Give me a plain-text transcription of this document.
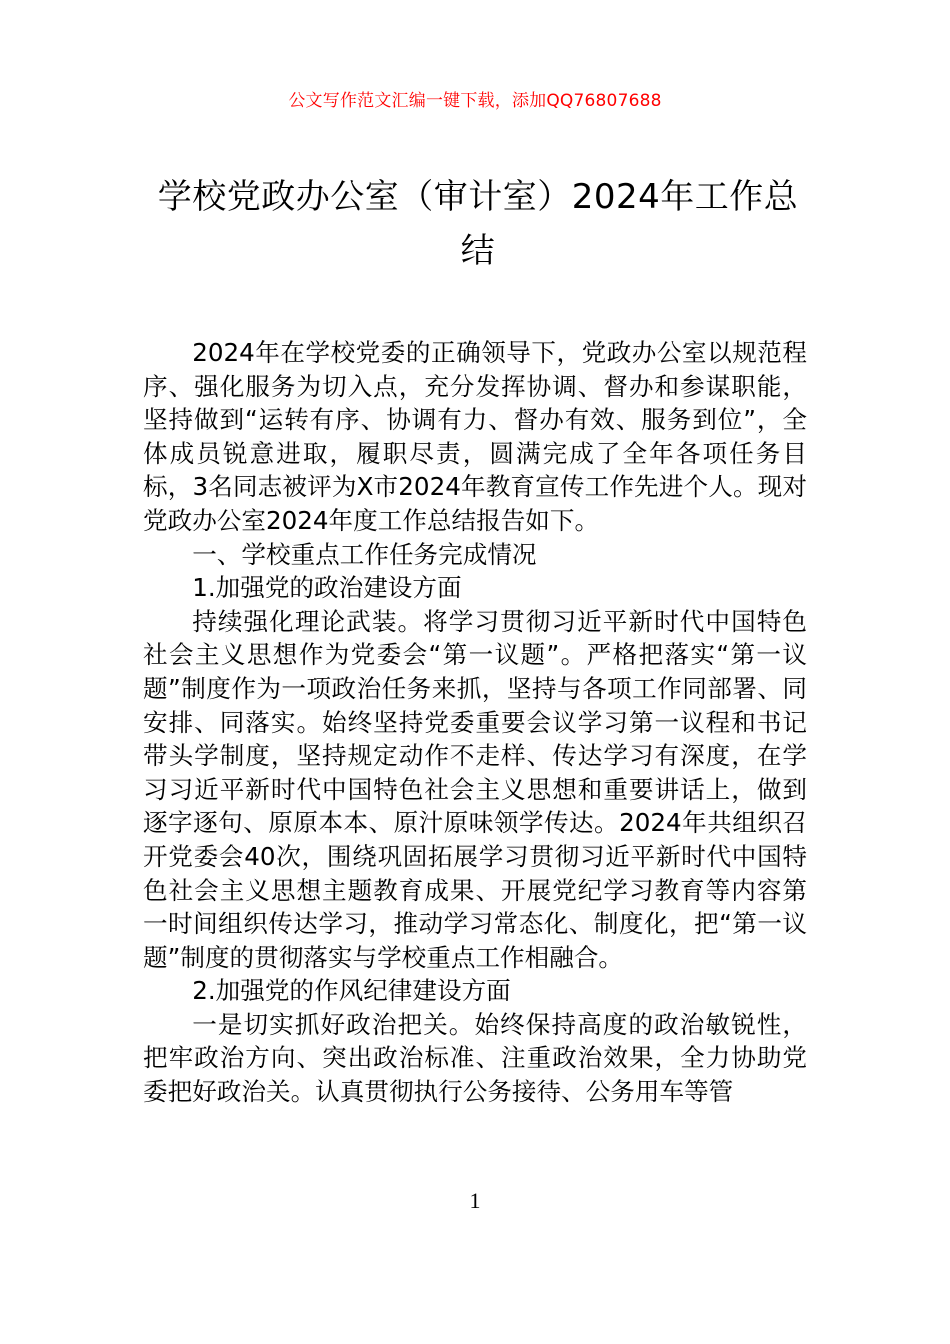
公文写作范文汇编一键下载，添加QQ76807688
学校党政办公室（审计室）2024年工作总结

2024年在学校党委的正确领导下，党政办公室以规范程序、强化服务为切入点，充分发挥协调、督办和参谋职能，坚持做到“运转有序、协调有力、督办有效、服务到位”，全体成员锐意进取，履职尽责，圆满完成了全年各项任务目标，3名同志被评为X市2024年教育宣传工作先进个人。现对党政办公室2024年度工作总结报告如下。

一、学校重点工作任务完成情况

1.加强党的政治建设方面

持续强化理论武装。将学习贯彻习近平新时代中国特色社会主义思想作为党委会“第一议题”。严格把落实“第一议题”制度作为一项政治任务来抓，坚持与各项工作同部署、同安排、同落实。始终坚持党委重要会议学习第一议程和书记带头学制度，坚持规定动作不走样、传达学习有深度，在学习习近平新时代中国特色社会主义思想和重要讲话上，做到逐字逐句、原原本本、原汁原味领学传达。2024年共组织召开党委会40次，围绕巩固拓展学习贯彻习近平新时代中国特色社会主义思想主题教育成果、开展党纪学习教育等内容第一时间组织传达学习，推动学习常态化、制度化，把“第一议题”制度的贯彻落实与学校重点工作相融合。

2.加强党的作风纪律建设方面

一是切实抓好政治把关。始终保持高度的政治敏锐性，把牢政治方向、突出政治标准、注重政治效果，全力协助党委把好政治关。认真贯彻执行公务接待、公务用车等管

1
